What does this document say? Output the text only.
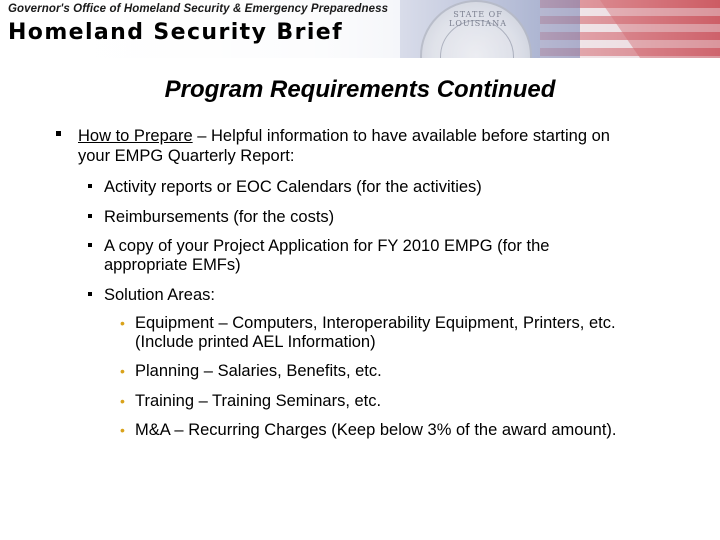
STATE OF LOUISIANA
Governor's Office of Homeland Security & Emergency Preparedness
Homeland Security Brief
Program Requirements Continued
How to Prepare – Helpful information to have available before starting on
your EMPG Quarterly Report:
Activity reports or EOC Calendars (for the activities)
Reimbursements (for the costs)
A copy of your Project Application for FY 2010 EMPG (for the
appropriate EMFs)
Solution Areas:
• Equipment – Computers, Interoperability Equipment, Printers, etc.
(Include printed AEL Information)
• Planning – Salaries, Benefits, etc.
• Training – Training Seminars, etc.
• M&A – Recurring Charges (Keep below 3% of the award amount).
